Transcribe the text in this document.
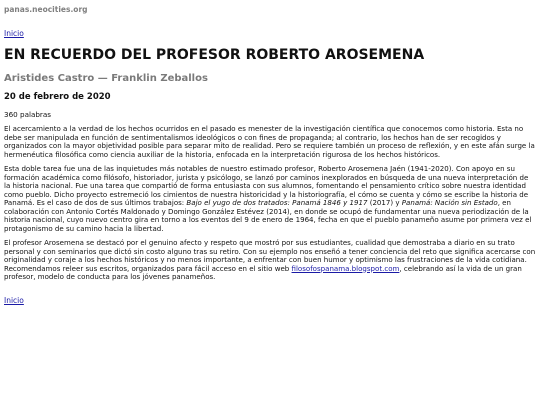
panas.neocities.org
Inicio
EN RECUERDO DEL PROFESOR ROBERTO AROSEMENA
Aristides Castro — Franklin Zeballos
20 de febrero de 2020
360 palabras

El acercamiento a la verdad de los hechos ocurridos en el pasado es menester de la investigación científica que conocemos como historia. Esta no debe ser manipulada en función de sentimentalismos ideológicos o con fines de propaganda; al contrario, los hechos han de ser recogidos y organizados con la mayor objetividad posible para separar mito de realidad. Pero se requiere también un proceso de reflexión, y en este afán surge la hermenéutica filosófica como ciencia auxiliar de la historia, enfocada en la interpretación rigurosa de los hechos históricos.

Esta doble tarea fue una de las inquietudes más notables de nuestro estimado profesor, Roberto Arosemena Jaén (1941-2020). Con apoyo en su formación académica como filósofo, historiador, jurista y psicólogo, se lanzó por caminos inexplorados en búsqueda de una nueva interpretación de la historia nacional. Fue una tarea que compartió de forma entusiasta con sus alumnos, fomentando el pensamiento crítico sobre nuestra identidad como pueblo. Dicho proyecto estremeció los cimientos de nuestra historicidad y la historiografía, el cómo se cuenta y cómo se escribe la historia de Panamá. Es el caso de dos de sus últimos trabajos: Bajo el yugo de dos tratados: Panamá 1846 y 1917 (2017) y Panamá: Nación sin Estado, en colaboración con Antonio Cortés Maldonado y Domingo González Estévez (2014), en donde se ocupó de fundamentar una nueva periodización de la historia nacional, cuyo nuevo centro gira en torno a los eventos del 9 de enero de 1964, fecha en que el pueblo panameño asume por primera vez el protagonismo de su camino hacia la libertad.

El profesor Arosemena se destacó por el genuino afecto y respeto que mostró por sus estudiantes, cualidad que demostraba a diario en su trato personal y con seminarios que dictó sin costo alguno tras su retiro. Con su ejemplo nos enseñó a tener conciencia del reto que significa acercarse con originalidad y coraje a los hechos históricos y no menos importante, a enfrentar con buen humor y optimismo las frustraciones de la vida cotidiana. Recomendamos releer sus escritos, organizados para fácil acceso en el sitio web filosofospanama.blogspot.com, celebrando así la vida de un gran profesor, modelo de conducta para los jóvenes panameños.

Inicio
